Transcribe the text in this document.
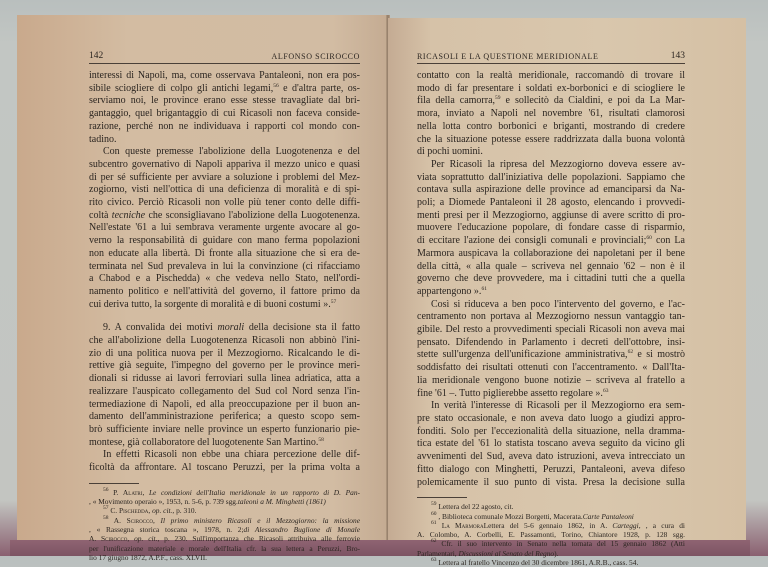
142	ALFONSO SCIROCCO
interessi di Napoli, ma, come osservava Pantaleoni, non era pos-
sibile sciogliere di colpo gli antichi legami,$^{56}$ e d'altra parte, os-
serviamo noi, le province erano esse stesse travagliate dal bri-
gantaggio, quel brigantaggio di cui Ricasoli non faceva conside-
razione, perché non ne individuava i rapporti col mondo con-
tadino.
Con queste premesse l'abolizione della Luogotenenza e del
subcentro governativo di Napoli appariva il mezzo unico e quasi
di per sé sufficiente per avviare a soluzione i problemi del Mez-
zogiorno, visti nell'ottica di una deficienza di moralità e di spi-
rito civico. Perciò Ricasoli non volle più tener conto delle diffi-
coltà tecniche che sconsigliavano l'abolizione della Luogotenenza.
Nell'estate '61 a lui sembrava veramente urgente avocare al go-
verno la responsabilità di guidare con mano ferma popolazioni
non educate alla libertà. Di fronte alla situazione che si era de-
terminata nel Sud prevaleva in lui la convinzione (ci rifacciamo
a Chabod e a Pischedda) « che vedeva nello Stato, nell'ordi-
namento politico e nell'attività del governo, il fattore primo da
cui deriva tutto, la sorgente di moralità e di buoni costumi ».$^{57}$
9. A convalida dei motivi morali della decisione sta il fatto
che all'abolizione della Luogotenenza Ricasoli non abbinò l'ini-
zio di una politica nuova per il Mezzogiorno. Ricalcando le di-
rettive già seguite, l'impegno del governo per le province meri-
dionali si ridusse ai lavori ferroviari sulla linea adriatica, atta a
realizzare l'auspicato collegamento del Sud col Nord senza l'in-
termediazione di Napoli, ed alla preoccupazione per il buon an-
damento dell'amministrazione periferica; a questo scopo sem-
brò sufficiente inviare nelle province un esperto funzionario pie-
montese, già collaboratore del luogotenente San Martino.$^{58}$
In effetti Ricasoli non ebbe una chiara percezione delle dif-
ficoltà da affrontare. Al toscano Peruzzi, per la prima volta a
$^{56}$ P. Alatri, Le condizioni dell'Italia meridionale in un rapporto di D. Pan-
, « Movimento operaio », 1953, n. 5-6, p. 739 sgg.taleoni a M. Minghetti (1861)
$^{57}$ C. Pischedda, op. cit., p. 310.
$^{58}$ A. Scirocco, Il primo ministero Ricasoli e il Mezzogiorno: la missione
, « Rassegna storica toscana », 1978, n. 2;di Alessandro Buglione di Monale
A. Scirocco, op. cit., p. 230. Sull'importanza che Ricasoli attribuiva alle ferrovie
per l'unificazione materiale e morale dell'Italia cfr. la sua lettera a Peruzzi, Bro-
lio 17 giugno 1872, A.P.F., cass. XLVII.
RICASOLI E LA QUESTIONE MERIDIONALE	143
contatto con la realtà meridionale, raccomandò di trovare il
modo di far presentare i soldati ex-borbonici e di sciogliere le
fila della camorra,$^{59}$ e sollecitò da Cialdini, e poi da La Mar-
mora, inviato a Napoli nel novembre '61, risultati clamorosi
nella lotta contro borbonici e briganti, mostrando di credere
che la situazione potesse essere raddrizzata dalla buona volontà
di pochi uomini.
Per Ricasoli la ripresa del Mezzogiorno doveva essere av-
viata soprattutto dall'iniziativa delle popolazioni. Sappiamo che
contava sulla aspirazione delle province ad emanciparsi da Na-
poli; a Diomede Pantaleoni il 28 agosto, elencando i provvedi-
menti presi per il Mezzogiorno, aggiunse di avere scritto di pro-
muovere l'educazione popolare, di fondare casse di risparmio,
di eccitare l'azione dei consigli comunali e provinciali;$^{60}$ con La
Marmora auspicava la collaborazione dei napoletani per il bene
della città, « alla quale – scriveva nel gennaio '62 – non è il
governo che deve provvedere, ma i cittadini tutti che a quella
appartengono ».$^{61}$
Così si riduceva a ben poco l'intervento del governo, e l'ac-
centramento non portava al Mezzogiorno nessun vantaggio tan-
gibile. Del resto a provvedimenti speciali Ricasoli non aveva mai
pensato. Difendendo in Parlamento i decreti dell'ottobre, insi-
stette sull'urgenza dell'unificazione amministrativa,$^{62}$ e si mostrò
soddisfatto dei risultati ottenuti con l'accentramento. « Dall'Ita-
lia meridionale vengono buone notizie – scriveva al fratello a
fine '61 –. Tutto piglierebbe assetto regolare ».$^{63}$
In verità l'interesse di Ricasoli per il Mezzogiorno era sem-
pre stato occasionale, e non aveva dato luogo a giudizi appro-
fonditi. Solo per l'eccezionalità della situazione, nella dramma-
tica estate del '61 lo statista toscano aveva seguito da vicino gli
avvenimenti del Sud, aveva dato istruzioni, aveva intrecciato un
fitto dialogo con Minghetti, Peruzzi, Pantaleoni, aveva difeso
polemicamente il suo punto di vista. Presa la decisione sulla
$^{59}$ Lettera del 22 agosto, cit.
$^{60}$ , Biblioteca comunale Mozzi Borgetti, Macerata.Carte Pantaleoni
$^{61}$ La MarmoraLettera del 5-6 gennaio 1862, in A. Carteggi, , a cura di
A. Colombo, A. Corbelli, E. Passamonti, Torino, Chiantore 1928, p. 128 sgg.
$^{62}$ Cfr. il suo intervento in Senato nella tornata del 15 gennaio 1862 (Atti
Parlamentari, Discussioni al Senato del Regno).
$^{63}$ Lettera al fratello Vincenzo del 30 dicembre 1861, A.R.B., cass. 54.
